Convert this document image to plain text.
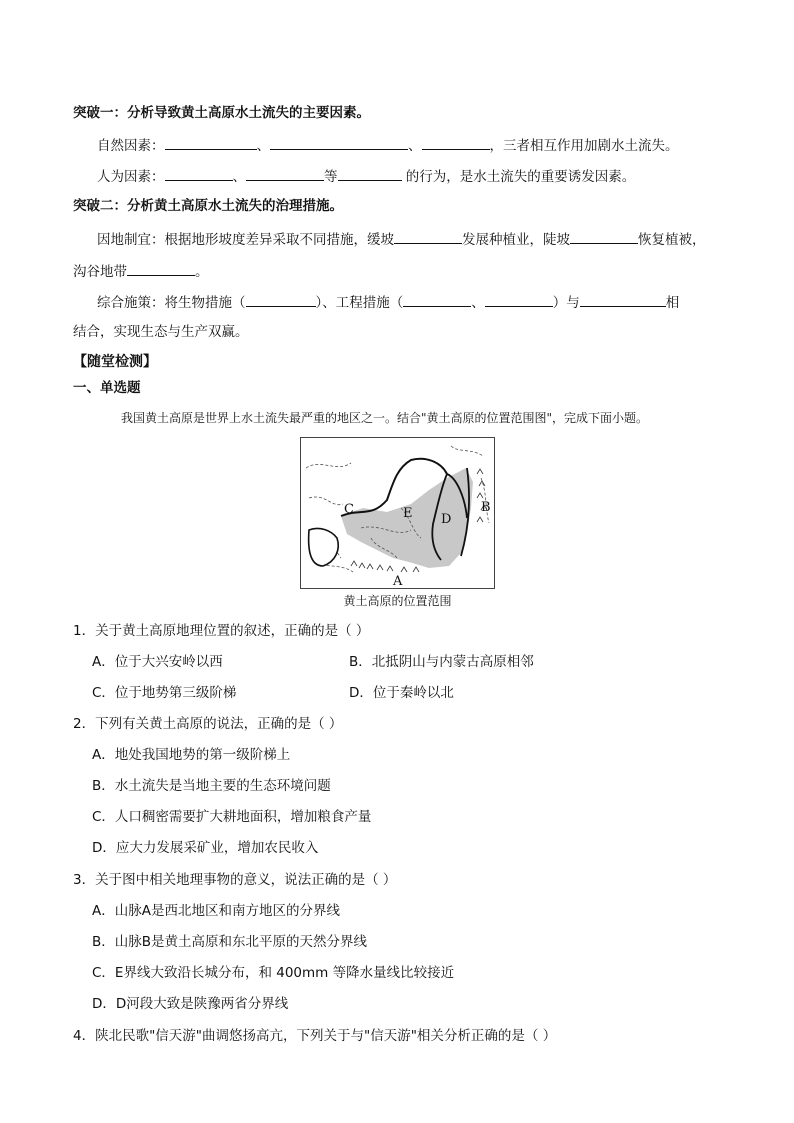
突破一：分析导致黄土高原水土流失的主要因素。
自然因素：	、	、	，三者相互作用加剧水土流失。
人为因素：	、	等	的行为，是水土流失的重要诱发因素。
突破二：分析黄土高原水土流失的治理措施。
因地制宜：根据地形坡度差异采取不同措施，缓坡	发展种植业，陡坡	恢复植被，
沟谷地带	。
综合施策：将生物措施（	）、工程措施（	、	）与	相
结合，实现生态与生产双赢。
【随堂检测】
一、单选题
我国黄土高原是世界上水土流失最严重的地区之一。结合"黄土高原的位置范围图"，完成下面小题。
A
B
C
D
E
黄土高原的位置范围
1．关于黄土高原地理位置的叙述，正确的是（ ）
A．位于大兴安岭以西	B．北抵阴山与内蒙古高原相邻
C．位于地势第三级阶梯	D．位于秦岭以北
2．下列有关黄土高原的说法，正确的是（ ）
A．地处我国地势的第一级阶梯上
B．水土流失是当地主要的生态环境问题
C．人口稠密需要扩大耕地面积，增加粮食产量
D．应大力发展采矿业，增加农民收入
3．关于图中相关地理事物的意义，说法正确的是（ ）
A．山脉A是西北地区和南方地区的分界线
B．山脉B是黄土高原和东北平原的天然分界线
C．E界线大致沿长城分布，和 400mm 等降水量线比较接近
D．D河段大致是陕豫两省分界线
4．陕北民歌"信天游"曲调悠扬高亢，下列关于与"信天游"相关分析正确的是（ ）
